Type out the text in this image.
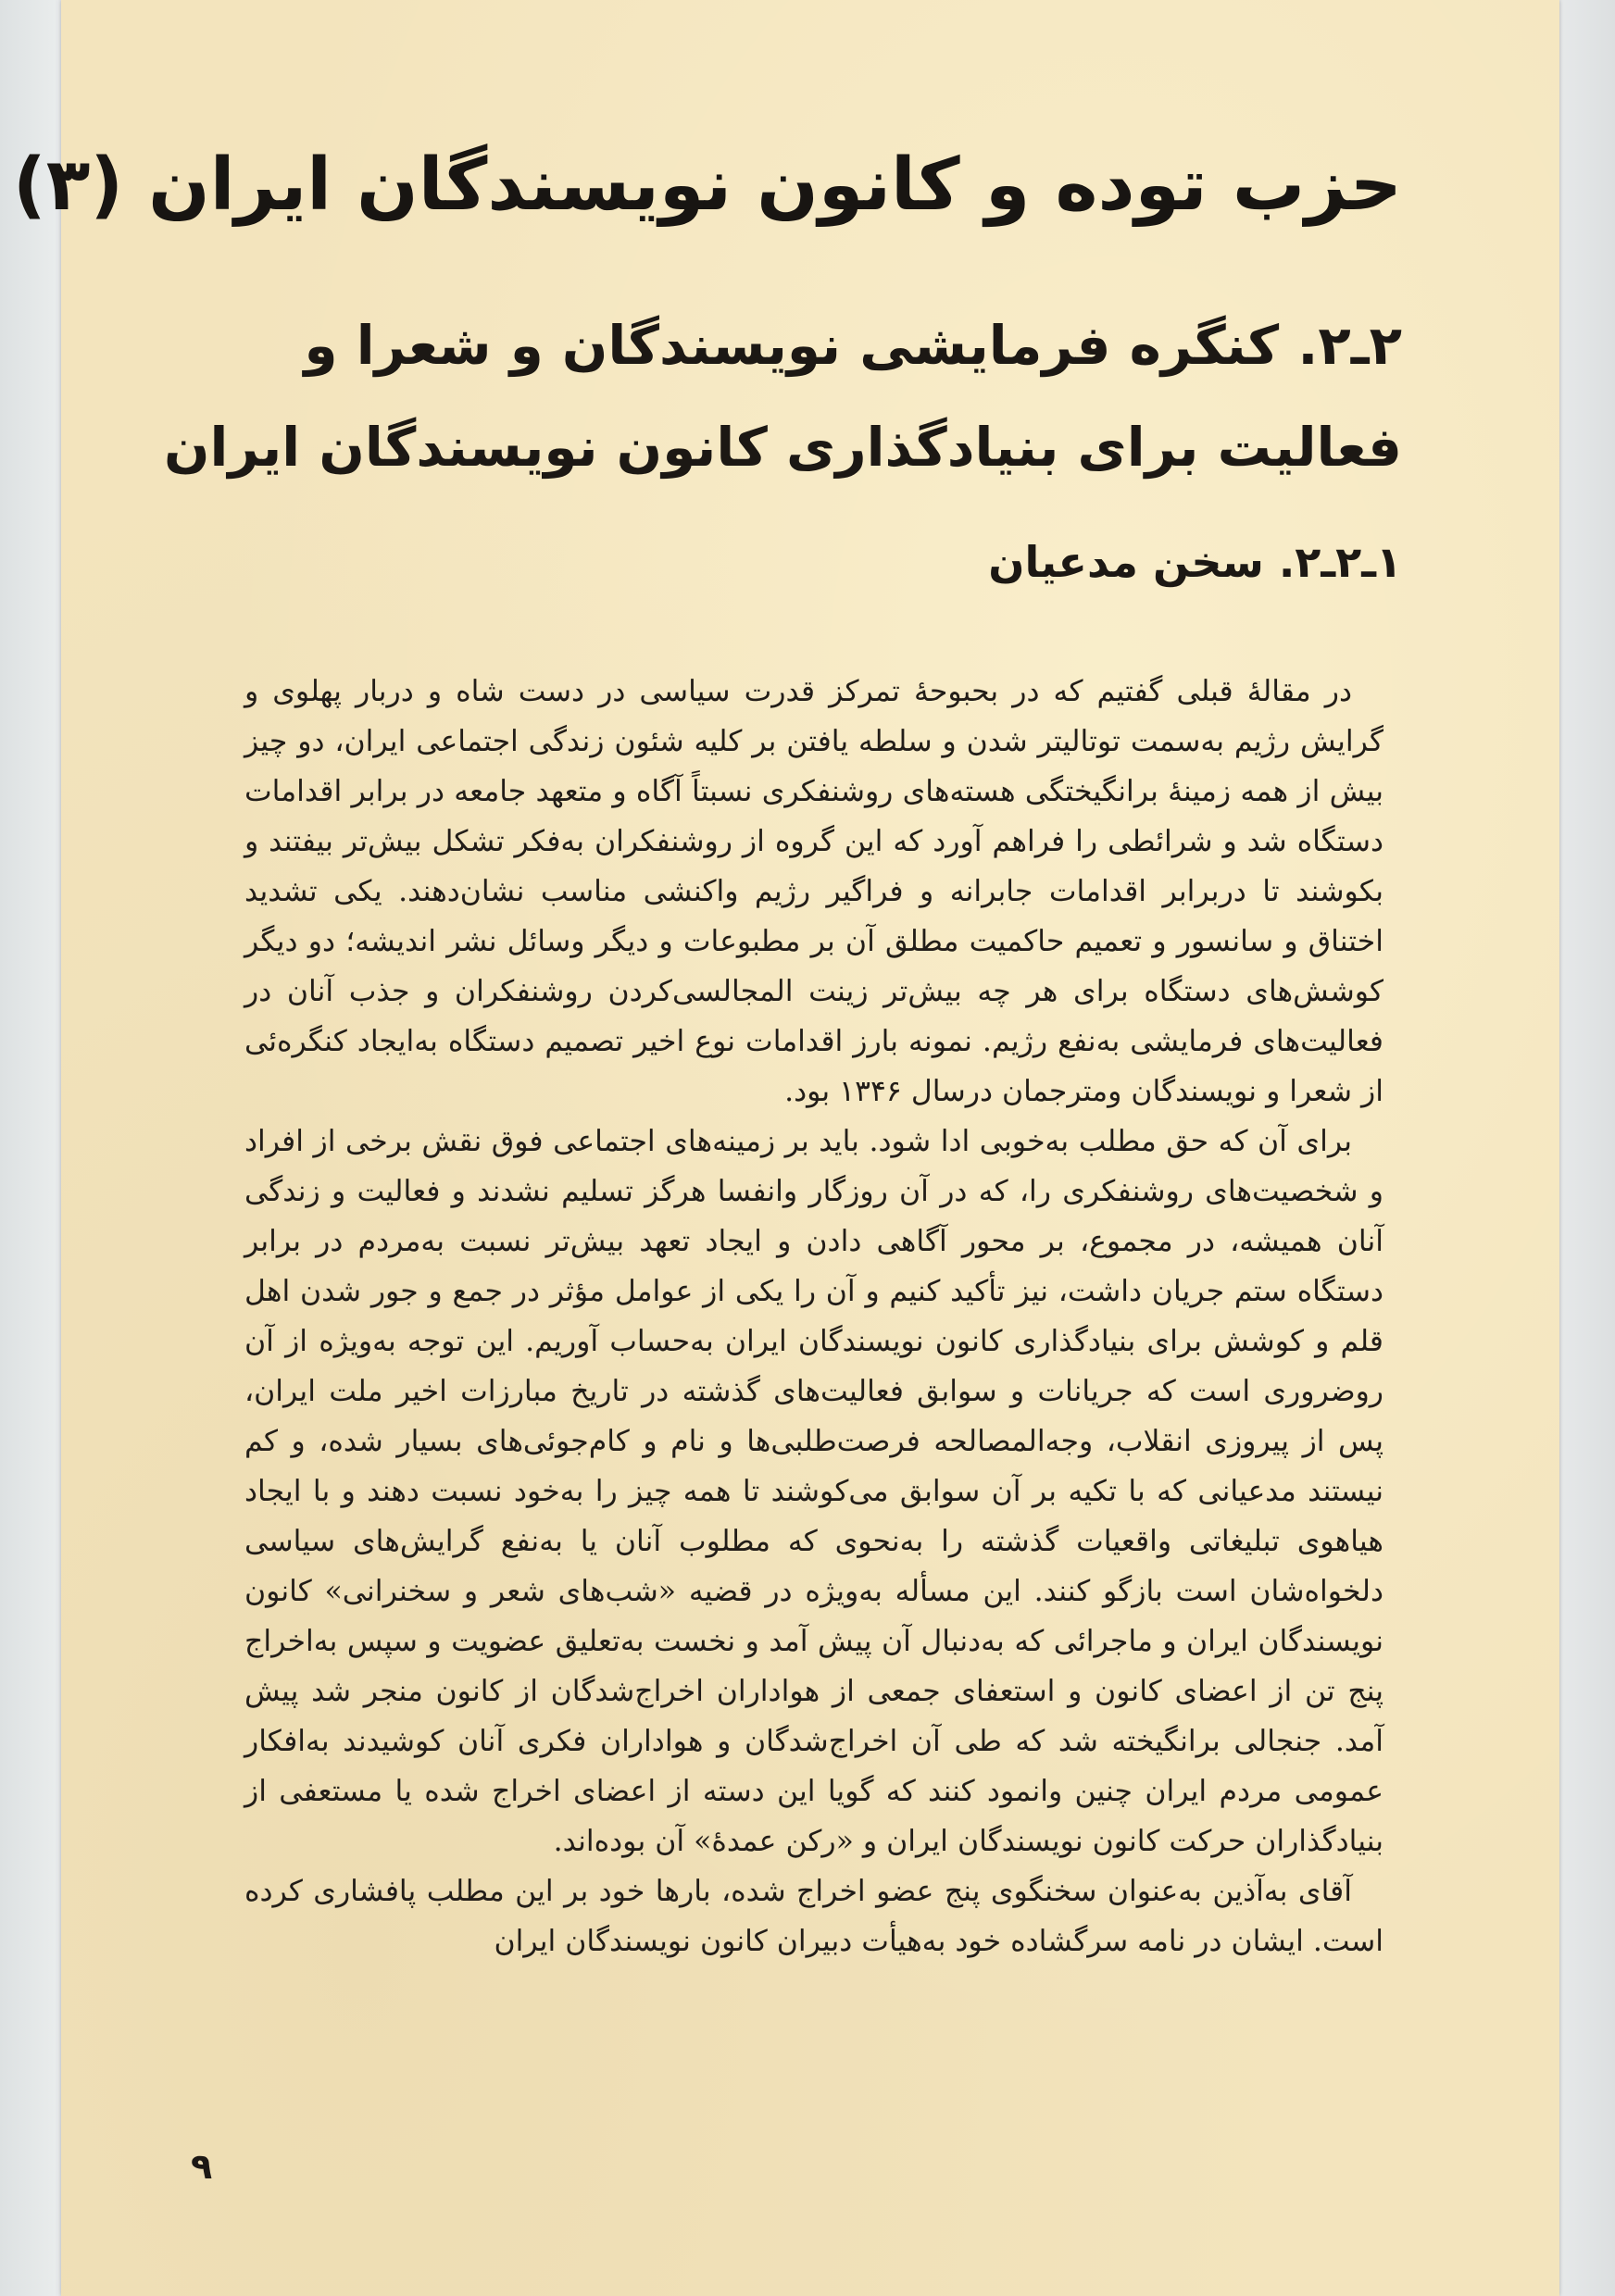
حزب توده و کانون نویسندگان ایران (۳)
۲ـ۲. کنگره فرمایشی نویسندگان و شعرا و فعالیت برای بنیادگذاری کانون نویسندگان ایران
۱ـ۲ـ۲. سخن مدعیان

در مقالهٔ قبلی گفتیم که در بحبوحهٔ تمرکز قدرت سیاسی در دست شاه و دربار پهلوی و گرایش رژیم به‌سمت توتالیتر شدن و سلطه یافتن بر کلیه شئون زندگی اجتماعی ایران، دو چیز بیش از همه زمینهٔ برانگیختگی هسته‌های روشنفکری نسبتاً آگاه و متعهد جامعه در برابر اقدامات دستگاه شد و شرائطی را فراهم آورد که این گروه از روشنفکران به‌فکر تشکل بیش‌تر بیفتند و بکوشند تا دربرابر اقدامات جابرانه و فراگیر رژیم واکنشی مناسب نشان‌دهند. یکی تشدید اختناق و سانسور و تعمیم حاکمیت مطلق آن بر مطبوعات و دیگر وسائل نشر اندیشه؛ دو دیگر کوشش‌های دستگاه برای هر چه بیش‌تر زینت المجالسی‌کردن روشنفکران و جذب آنان در فعالیت‌های فرمایشی به‌نفع رژیم. نمونه بارز اقدامات نوع اخیر تصمیم دستگاه به‌ایجاد کنگره‌ئی از شعرا و نویسندگان ومترجمان درسال ۱۳۴۶ بود.

برای آن که حق مطلب به‌خوبی ادا شود. باید بر زمینه‌های اجتماعی فوق نقش برخی از افراد و شخصیت‌های روشنفکری را، که در آن روزگار وانفسا هرگز تسلیم نشدند و فعالیت و زندگی آنان همیشه، در مجموع، بر محور آگاهی دادن و ایجاد تعهد بیش‌تر نسبت به‌مردم در برابر دستگاه ستم جریان داشت، نیز تأکید کنیم و آن را یکی از عوامل مؤثر در جمع و جور شدن اهل قلم و کوشش برای بنیادگذاری کانون نویسندگان ایران به‌حساب آوریم. این توجه به‌ویژه از آن روضروری است که جریانات و سوابق فعالیت‌های گذشته در تاریخ مبارزات اخیر ملت ایران، پس از پیروزی انقلاب، وجه‌المصالحه فرصت‌طلبی‌ها و نام و کام‌جوئی‌های بسیار شده، و کم نیستند مدعیانی که با تکیه بر آن سوابق می‌کوشند تا همه چیز را به‌خود نسبت دهند و با ایجاد هیاهوی تبلیغاتی واقعیات گذشته را به‌نحوی که مطلوب آنان یا به‌نفع گرایش‌های سیاسی دلخواه‌شان است بازگو کنند. این مسأله به‌ویژه در قضیه «شب‌های شعر و سخنرانی» کانون نویسندگان ایران و ماجرائی که به‌دنبال آن پیش آمد و نخست به‌تعلیق عضویت و سپس به‌اخراج پنج تن از اعضای کانون و استعفای جمعی از هواداران اخراج‌شدگان از کانون منجر شد پیش آمد. جنجالی برانگیخته شد که طی آن اخراج‌شدگان و هواداران فکری آنان کوشیدند به‌افکار عمومی مردم ایران چنین وانمود کنند که گویا این دسته از اعضای اخراج شده یا مستعفی از بنیادگذاران حرکت کانون نویسندگان ایران و «رکن عمدهٔ» آن بوده‌اند.

آقای به‌آذین به‌عنوان سخنگوی پنج عضو اخراج شده، بارها خود بر این مطلب پافشاری کرده است. ایشان در نامه سرگشاده خود به‌هیأت دبیران کانون نویسندگان ایران

۹
